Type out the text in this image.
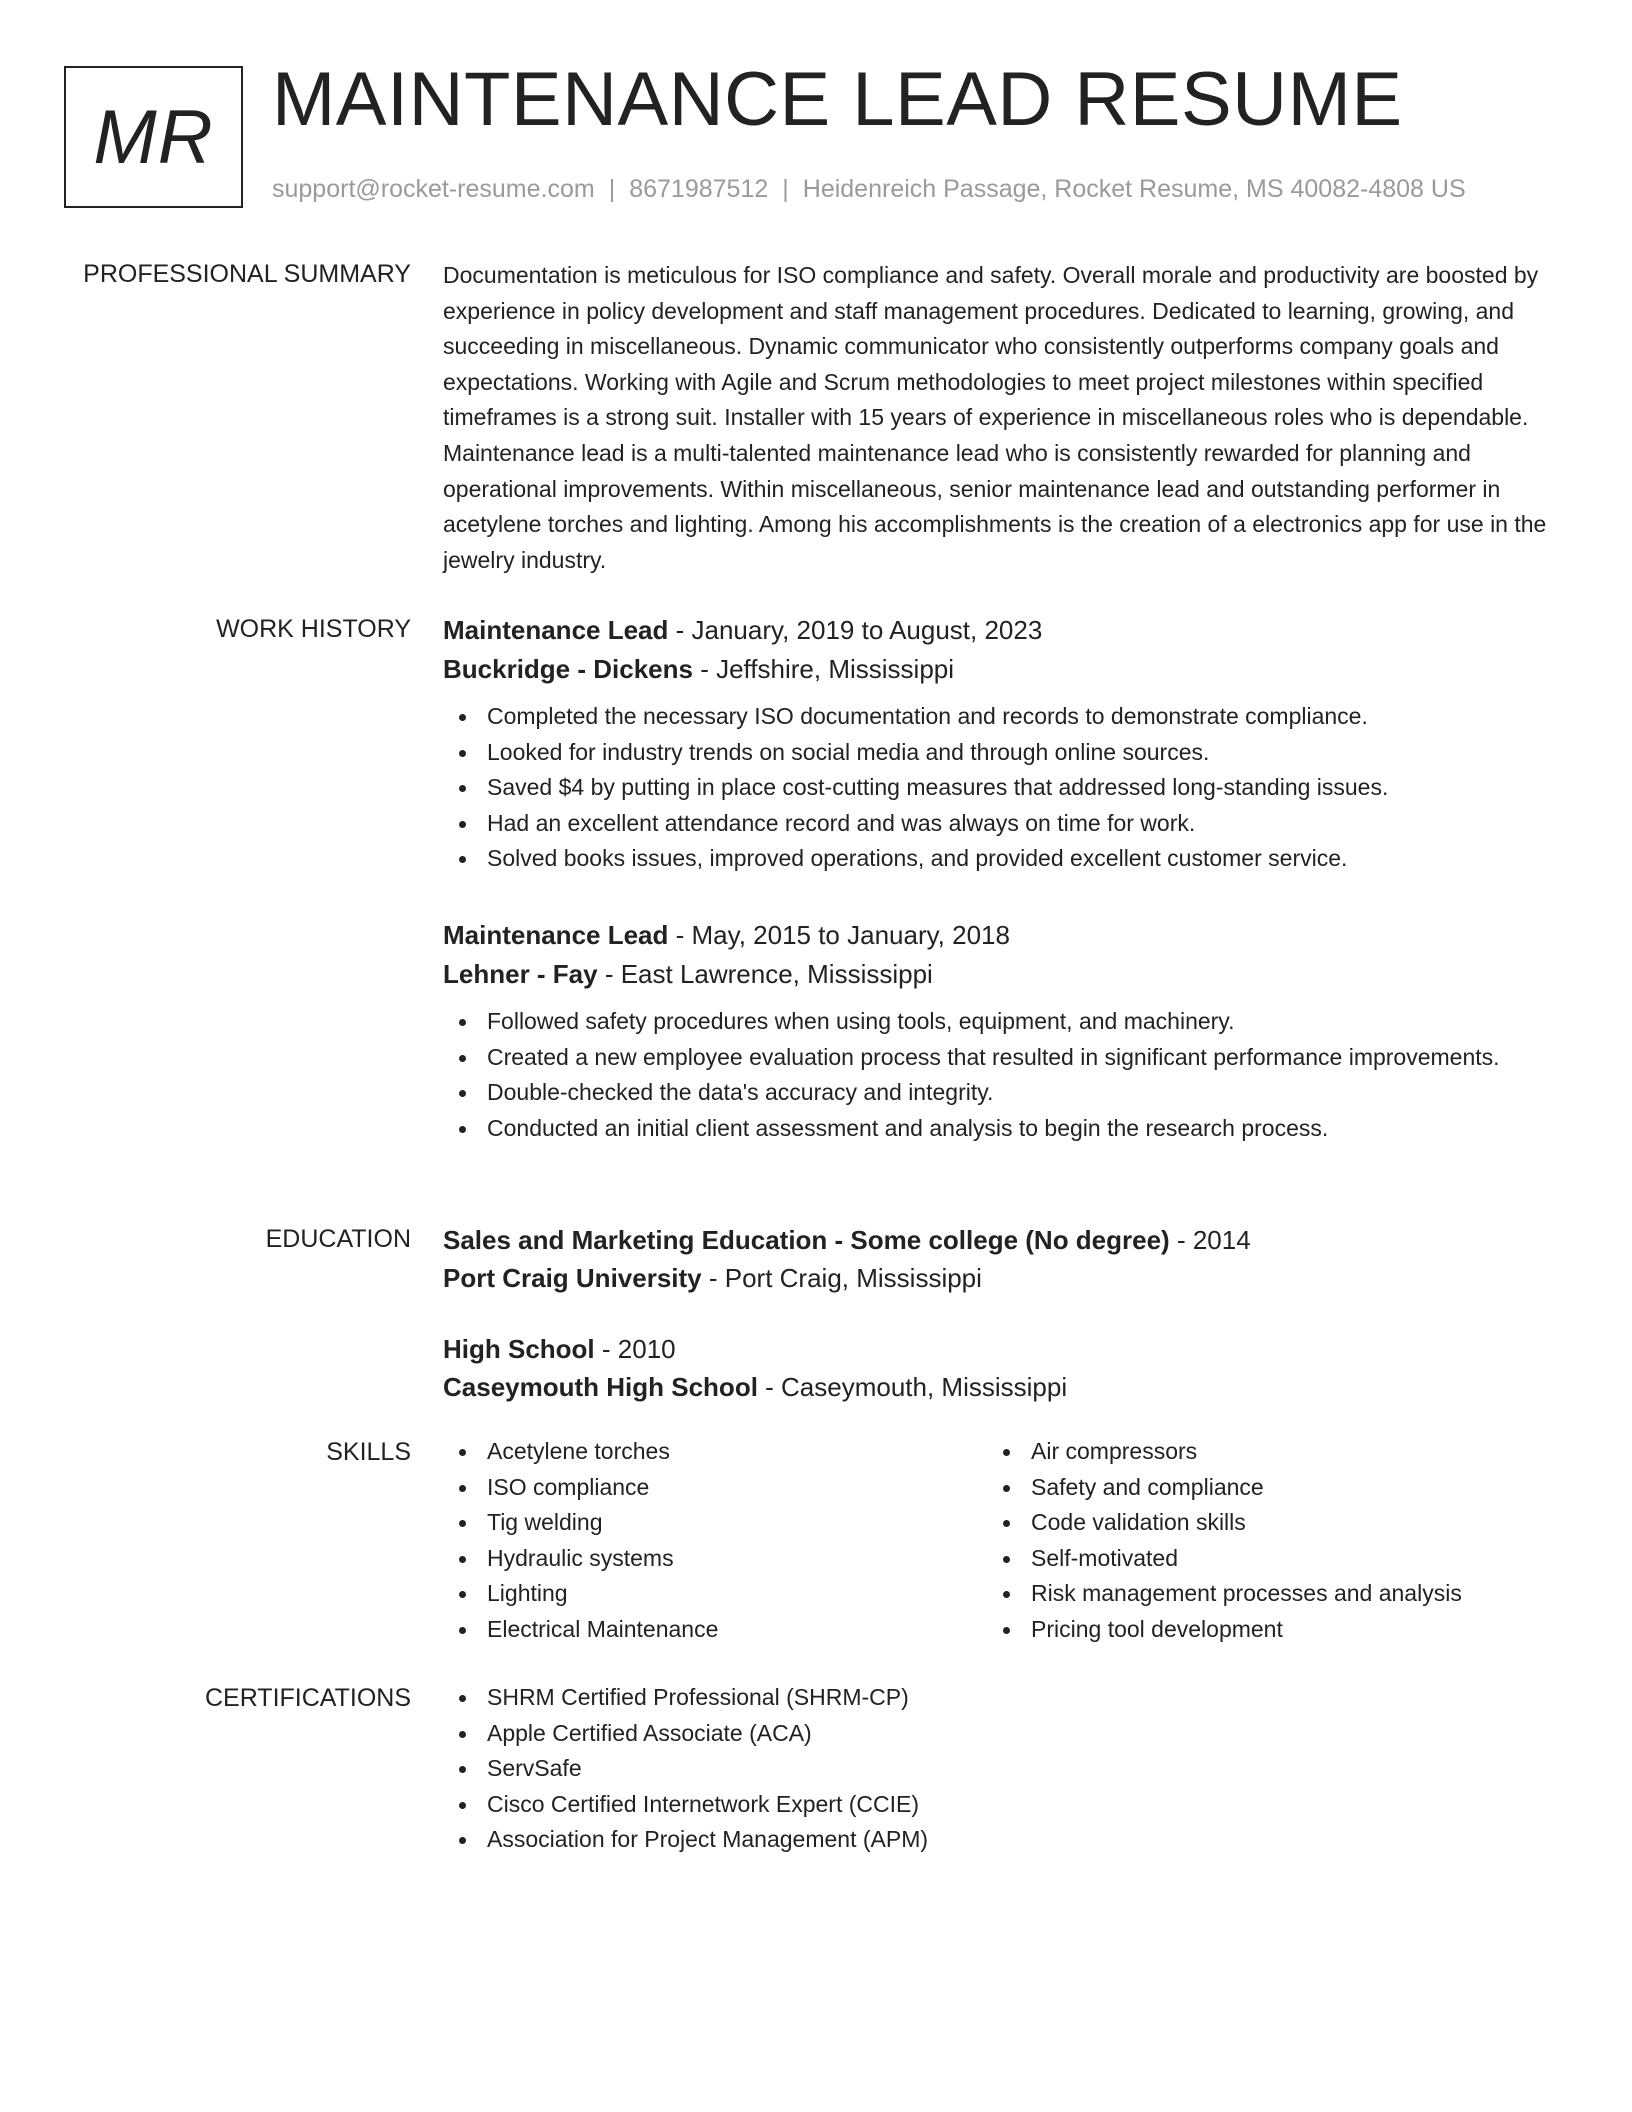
MR MAINTENANCE LEAD RESUME
support@rocket-resume.com | 8671987512 | Heidenreich Passage, Rocket Resume, MS 40082-4808 US
PROFESSIONAL SUMMARY Documentation is meticulous for ISO compliance and safety. Overall morale and productivity are boosted by experience in policy development and staff management procedures. Dedicated to learning, growing, and succeeding in miscellaneous. Dynamic communicator who consistently outperforms company goals and expectations. Working with Agile and Scrum methodologies to meet project milestones within specified timeframes is a strong suit. Installer with 15 years of experience in miscellaneous roles who is dependable. Maintenance lead is a multi-talented maintenance lead who is consistently rewarded for planning and operational improvements. Within miscellaneous, senior maintenance lead and outstanding performer in acetylene torches and lighting. Among his accomplishments is the creation of a electronics app for use in the jewelry industry.
WORK HISTORY Maintenance Lead - January, 2019 to August, 2023
Buckridge - Dickens - Jeffshire, Mississippi
Completed the necessary ISO documentation and records to demonstrate compliance.
Looked for industry trends on social media and through online sources.
Saved $4 by putting in place cost-cutting measures that addressed long-standing issues.
Had an excellent attendance record and was always on time for work.
Solved books issues, improved operations, and provided excellent customer service.
Maintenance Lead - May, 2015 to January, 2018
Lehner - Fay - East Lawrence, Mississippi
Followed safety procedures when using tools, equipment, and machinery.
Created a new employee evaluation process that resulted in significant performance improvements.
Double-checked the data's accuracy and integrity.
Conducted an initial client assessment and analysis to begin the research process.
EDUCATION Sales and Marketing Education - Some college (No degree) - 2014
Port Craig University - Port Craig, Mississippi
High School - 2010
Caseymouth High School - Caseymouth, Mississippi
SKILLS	Acetylene torches
ISO compliance
Tig welding
Hydraulic systems
Lighting
Electrical Maintenance
Air compressors
Safety and compliance
Code validation skills
Self-motivated
Risk management processes and analysis
Pricing tool development
CERTIFICATIONS	SHRM Certified Professional (SHRM-CP)
Apple Certified Associate (ACA)
ServSafe
Cisco Certified Internetwork Expert (CCIE)
Association for Project Management (APM)
